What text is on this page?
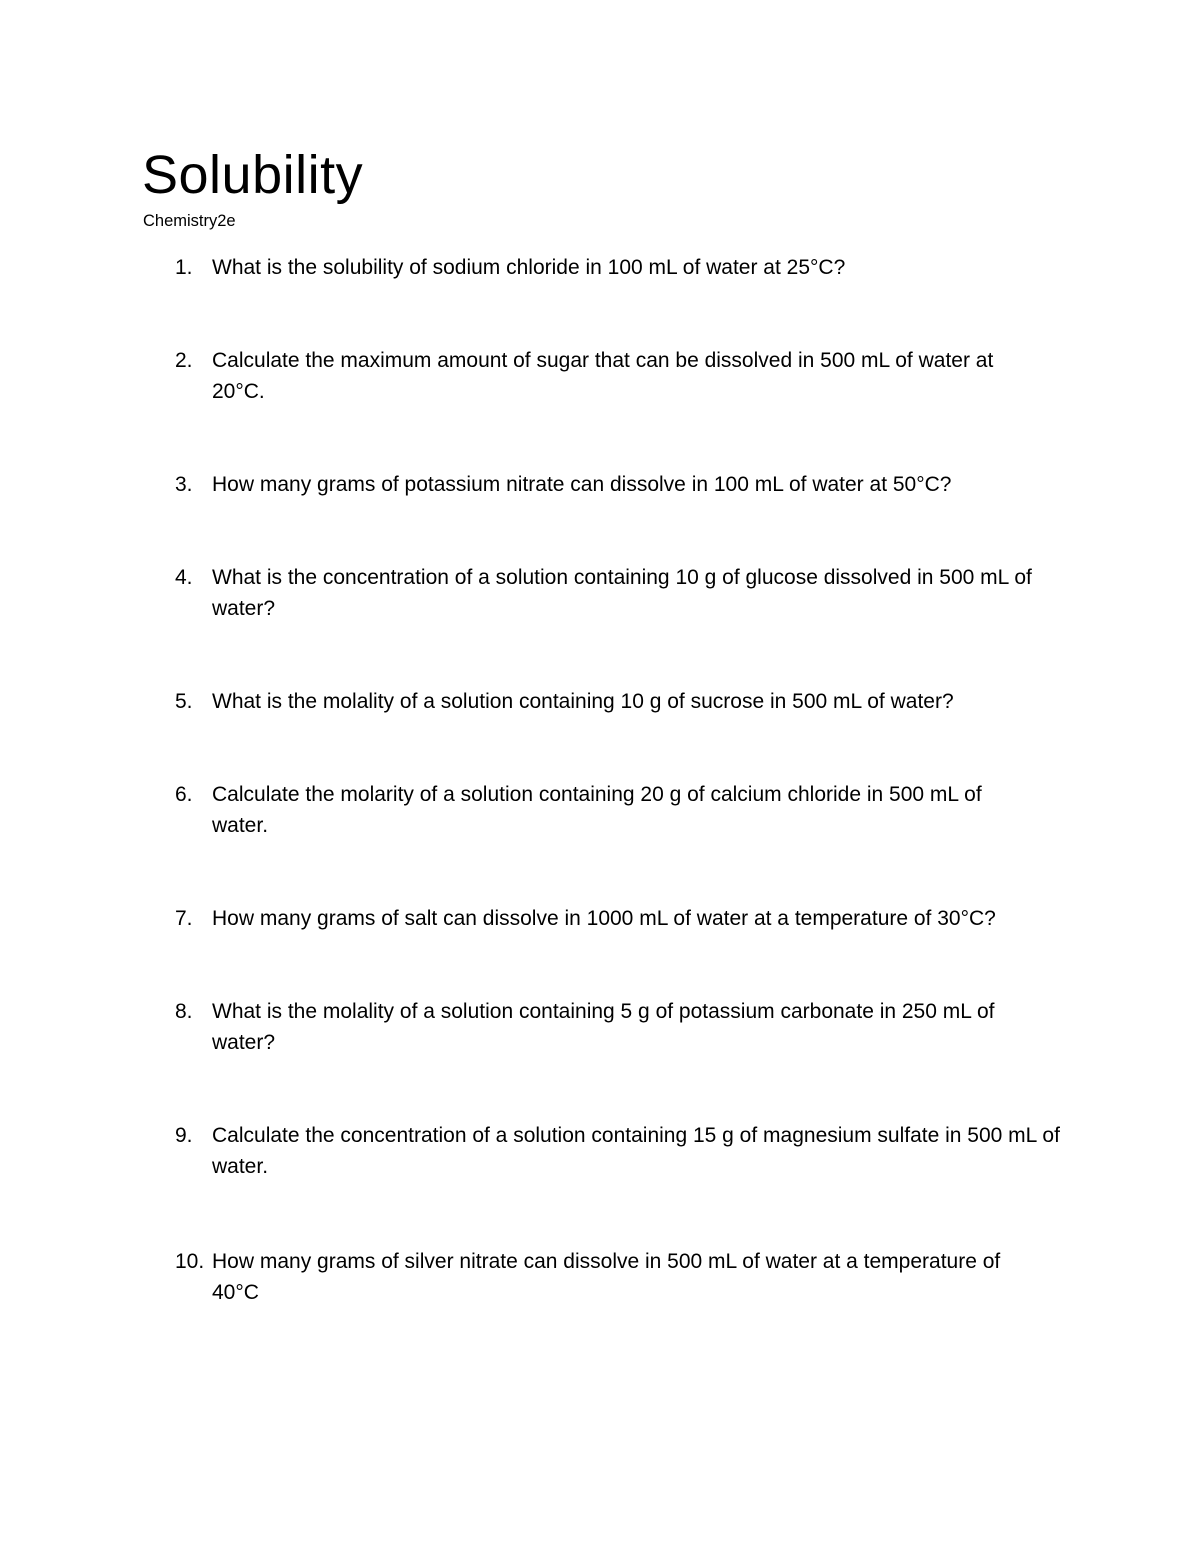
Solubility

Chemistry2e

1. What is the solubility of sodium chloride in 100 mL of water at 25°C?
2. Calculate the maximum amount of sugar that can be dissolved in 500 mL of water at 20°C.
3. How many grams of potassium nitrate can dissolve in 100 mL of water at 50°C?
4. What is the concentration of a solution containing 10 g of glucose dissolved in 500 mL of water?
5. What is the molality of a solution containing 10 g of sucrose in 500 mL of water?
6. Calculate the molarity of a solution containing 20 g of calcium chloride in 500 mL of water.
7. How many grams of salt can dissolve in 1000 mL of water at a temperature of 30°C?
8. What is the molality of a solution containing 5 g of potassium carbonate in 250 mL of water?
9. Calculate the concentration of a solution containing 15 g of magnesium sulfate in 500 mL of water.
10. How many grams of silver nitrate can dissolve in 500 mL of water at a temperature of 40°C
